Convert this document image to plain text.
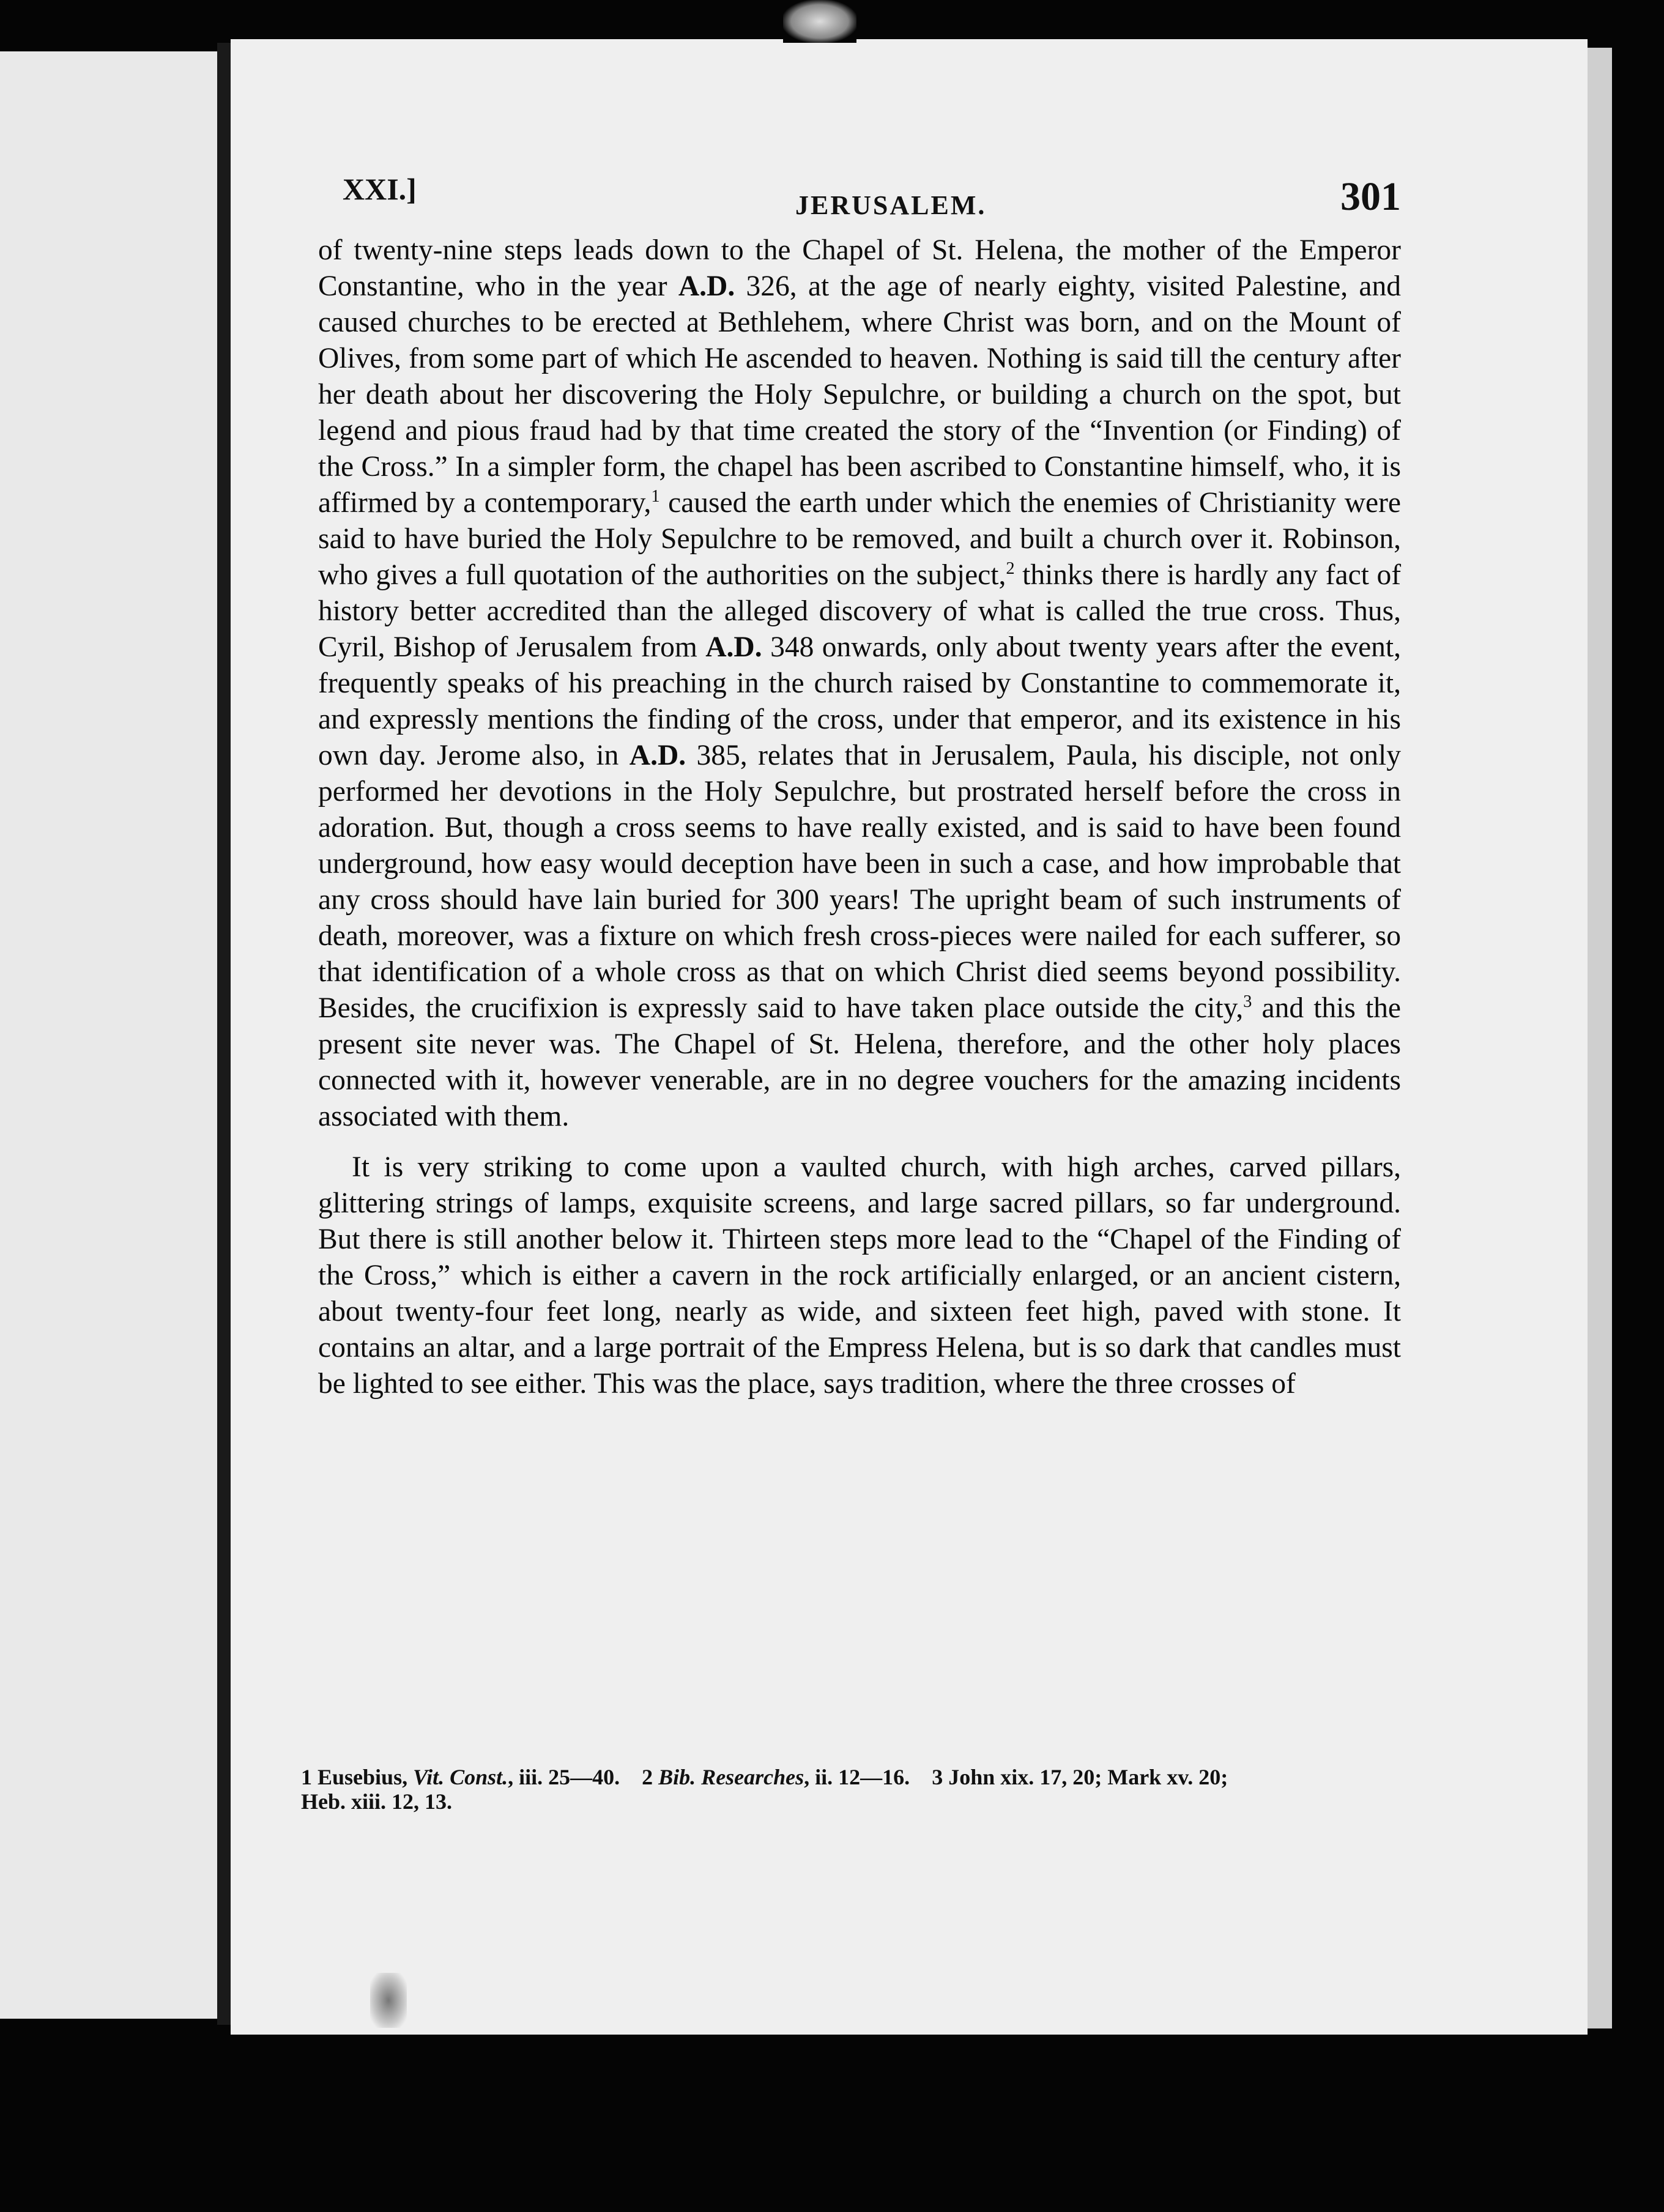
XXI.]	JERUSALEM.	301

of twenty-nine steps leads down to the Chapel of St. Helena, the mother of the Emperor Constantine, who in the year A.D. 326, at the age of nearly eighty, visited Palestine, and caused churches to be erected at Bethlehem, where Christ was born, and on the Mount of Olives, from some part of which He ascended to heaven. Nothing is said till the century after her death about her discovering the Holy Sepulchre, or building a church on the spot, but legend and pious fraud had by that time created the story of the “Invention (or Finding) of the Cross.” In a simpler form, the chapel has been ascribed to Constantine himself, who, it is affirmed by a contemporary,$^1$ caused the earth under which the enemies of Christianity were said to have buried the Holy Sepulchre to be removed, and built a church over it. Robinson, who gives a full quotation of the authorities on the subject,$^2$ thinks there is hardly any fact of history better accredited than the alleged discovery of what is called the true cross. Thus, Cyril, Bishop of Jerusalem from A.D. 348 onwards, only about twenty years after the event, frequently speaks of his preaching in the church raised by Constantine to commemorate it, and expressly mentions the finding of the cross, under that emperor, and its existence in his own day. Jerome also, in A.D. 385, relates that in Jerusalem, Paula, his disciple, not only performed her devotions in the Holy Sepulchre, but prostrated herself before the cross in adoration. But, though a cross seems to have really existed, and is said to have been found underground, how easy would deception have been in such a case, and how improbable that any cross should have lain buried for 300 years! The upright beam of such instruments of death, moreover, was a fixture on which fresh cross-pieces were nailed for each sufferer, so that identification of a whole cross as that on which Christ died seems beyond possibility. Besides, the crucifixion is expressly said to have taken place outside the city,$^3$ and this the present site never was. The Chapel of St. Helena, therefore, and the other holy places connected with it, however venerable, are in no degree vouchers for the amazing incidents associated with them.

It is very striking to come upon a vaulted church, with high arches, carved pillars, glittering strings of lamps, exquisite screens, and large sacred pillars, so far underground. But there is still another below it. Thirteen steps more lead to the “Chapel of the Finding of the Cross,” which is either a cavern in the rock artificially enlarged, or an ancient cistern, about twenty-four feet long, nearly as wide, and sixteen feet high, paved with stone. It contains an altar, and a large portrait of the Empress Helena, but is so dark that candles must be lighted to see either. This was the place, says tradition, where the three crosses of

1 Eusebius, Vit. Const., iii. 25—40. 2 Bib. Researches, ii. 12—16. 3 John xix. 17, 20; Mark xv. 20;
Heb. xiii. 12, 13.
